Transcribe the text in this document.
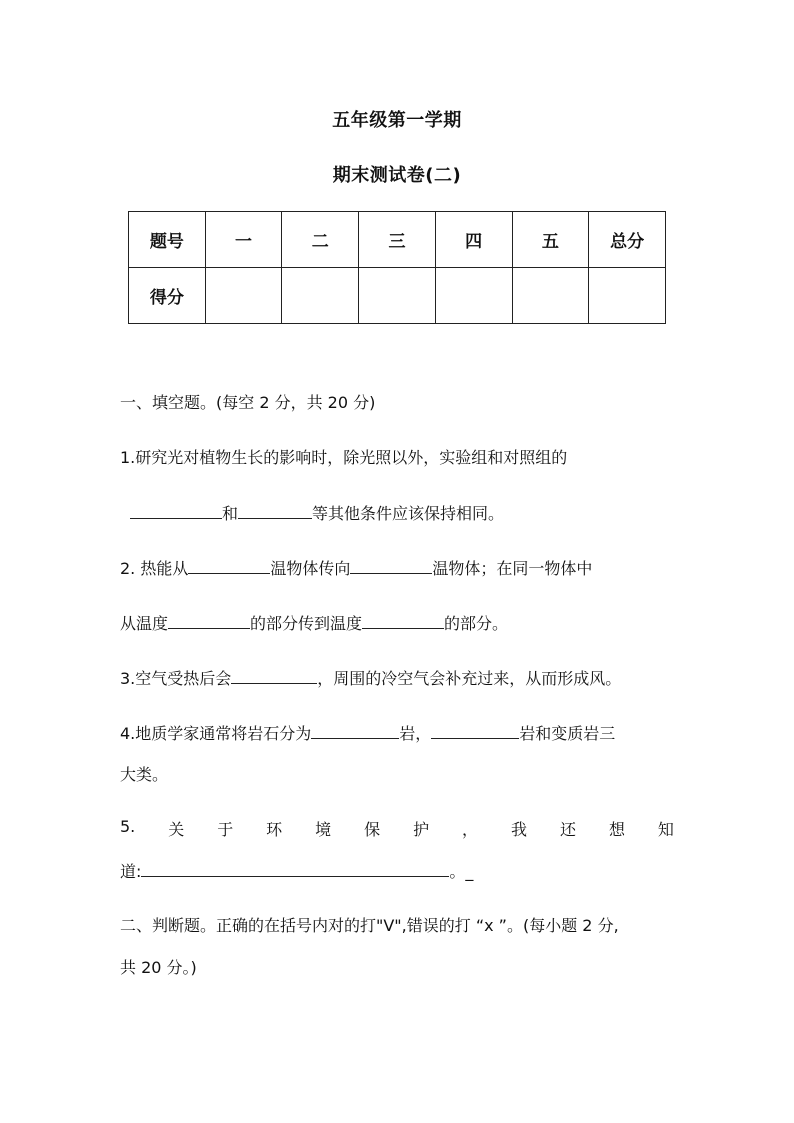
五年级第一学期
期末测试卷(二)
题号	一	二	三	四	五	总分
得分						
一、填空题。(每空 2 分，共 20 分)
1.研究光对植物生长的影响时，除光照以外，实验组和对照组的
和	等其他条件应该保持相同。
2. 热能从	温物体传向	温物体；在同一物体中
从温度	的部分传到温度	的部分。
3.空气受热后会	，周围的冷空气会补充过来，从而形成风。
4.地质学家通常将岩石分为	岩，	岩和变质岩三
大类。
5. 关 于 环 境 保 护 ， 我 还 想 知
道:	。_
二、判断题。正确的在括号内对的打"V",错误的打 “x ”。(每小题 2 分,
共 20 分。)
